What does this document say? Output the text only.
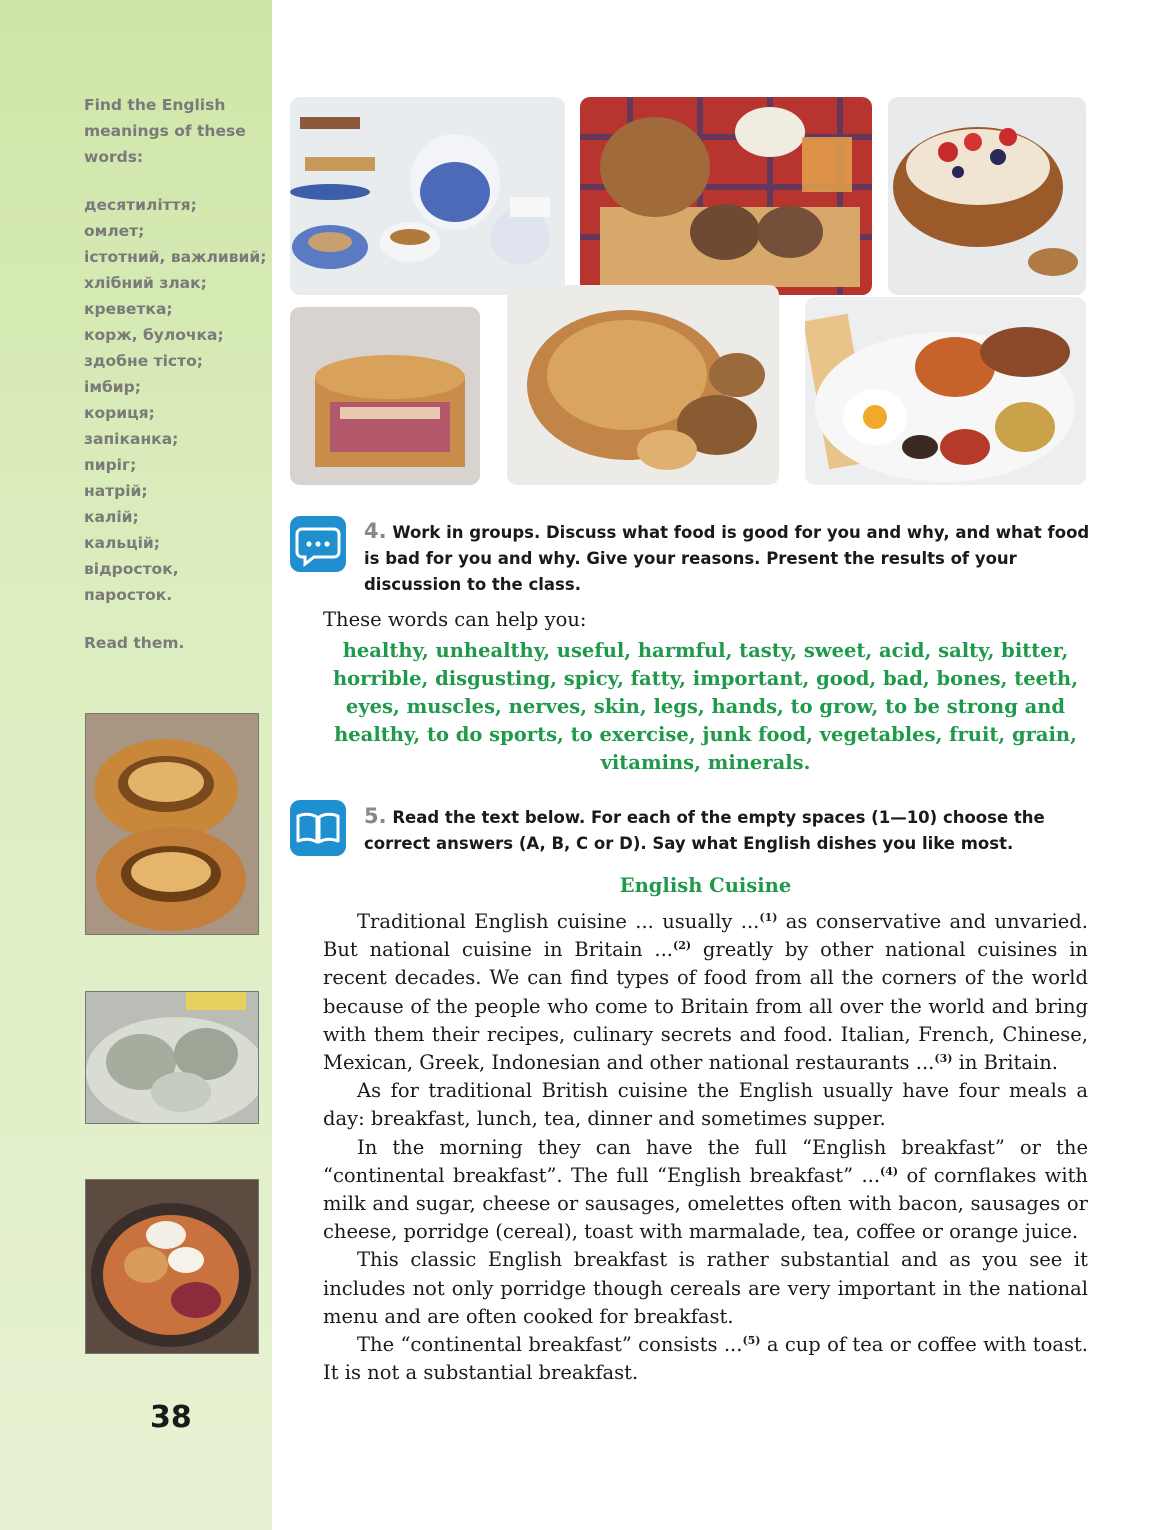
Find the English meanings of these words:
десятиліття;
омлет;
істотний, важливий;
хлібний злак;
креветка;
корж, булочка;
здобне тісто;
імбир;
кориця;
запіканка;
пиріг;
натрій;
калій;
кальцій;
відросток,
паросток.
Read them.
38
4. Work in groups. Discuss what food is good for you and why, and what food is bad for you and why. Give your reasons. Present the results of your discussion to the class.
These words can help you:
healthy, unhealthy, useful, harmful, tasty, sweet, acid, salty, bitter, horrible, disgusting, spicy, fatty, important, good, bad, bones, teeth, eyes, muscles, nerves, skin, legs, hands, to grow, to be strong and healthy, to do sports, to exercise, junk food, vegetables, fruit, grain, vitamins, minerals.
5. Read the text below. For each of the empty spaces (1—10) choose the correct answers (A, B, C or D). Say what English dishes you like most.
English Cuisine

Traditional English cuisine ... usually ...$^{(1)}$ as conservative and unvaried. But national cuisine in Britain ...$^{(2)}$ greatly by other national cuisines in recent decades. We can find types of food from all the corners of the world because of the people who come to Britain from all over the world and bring with them their recipes, culinary secrets and food. Italian, French, Chinese, Mexican, Greek, Indonesian and other national restaurants ...$^{(3)}$ in Britain.

As for traditional British cuisine the English usually have four meals a day: breakfast, lunch, tea, dinner and sometimes supper.

In the morning they can have the full “English breakfast” or the “continental breakfast”. The full “English breakfast” ...$^{(4)}$ of cornflakes with milk and sugar, cheese or sausages, omelettes often with bacon, sausages or cheese, porridge (cereal), toast with marmalade, tea, coffee or orange juice.

This classic English breakfast is rather substantial and as you see it includes not only porridge though cereals are very important in the national menu and are often cooked for breakfast.

The “continental breakfast” consists ...$^{(5)}$ a cup of tea or coffee with toast. It is not a substantial breakfast.
